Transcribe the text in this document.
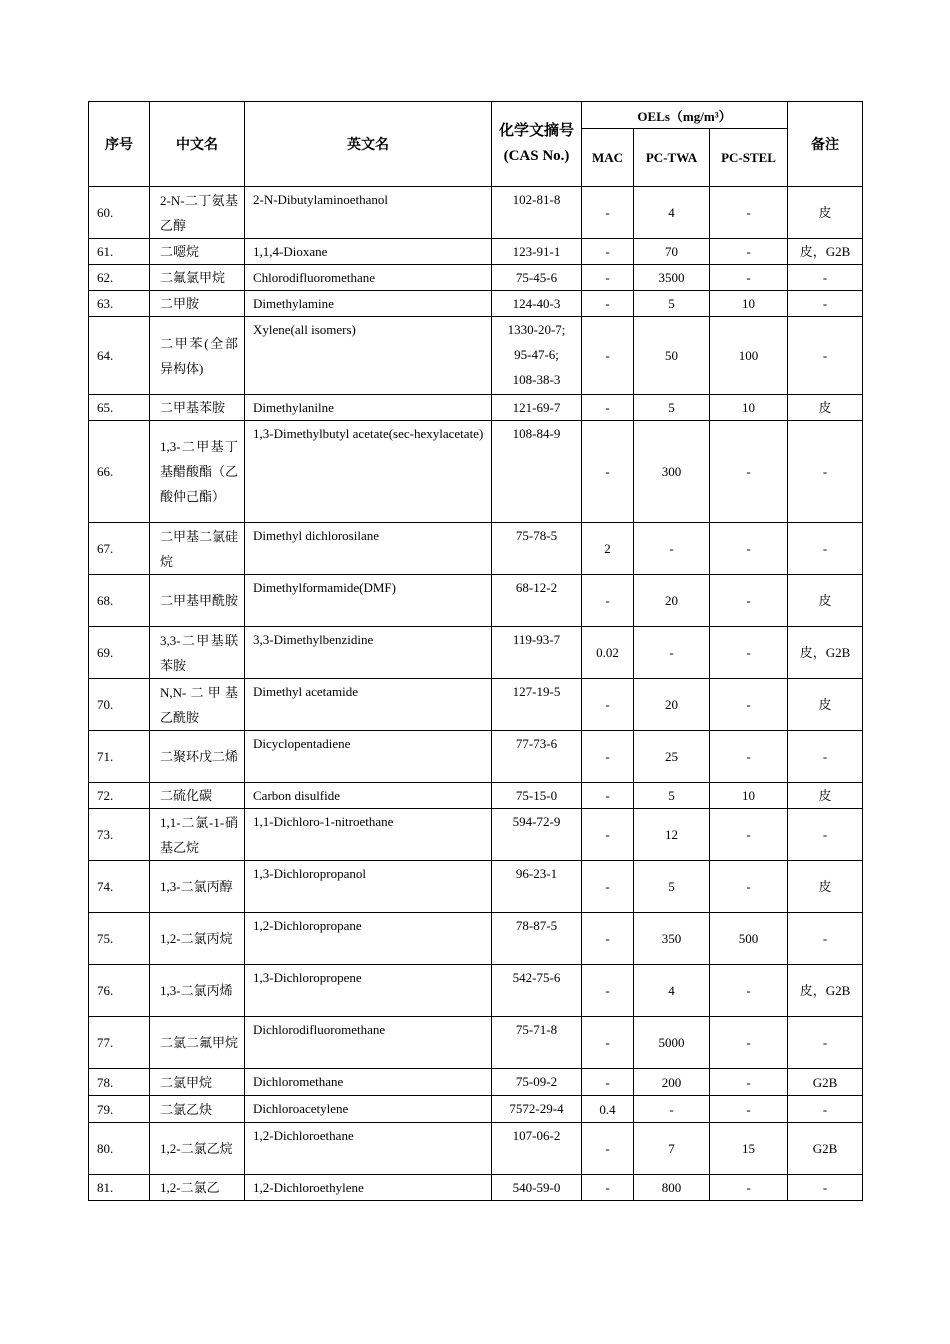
序号	中文名	英文名	化学文摘号(CAS No.)	OELs（mg/m³）			备注
				MAC	PC-TWA	PC-STEL	
60.	2-N-二丁氨基乙醇	2-N-Dibutylaminoethanol	102-81-8	-	4	-	皮
61.	二噁烷	1,1,4-Dioxane	123-91-1	-	70	-	皮，G2B
62.	二氟氯甲烷	Chlorodifluoromethane	75-45-6	-	3500	-	-
63.	二甲胺	Dimethylamine	124-40-3	-	5	10	-
64.	二甲苯(全部异构体)	Xylene(all isomers)	1330-20-7;
95-47-6;
108-38-3	-	50	100	-
65.	二甲基苯胺	Dimethylanilne	121-69-7	-	5	10	皮
66.	1,3-二甲基丁基醋酸酯（乙酸仲己酯）	1,3-Dimethylbutyl acetate(sec-hexylacetate)	108-84-9	-	300	-	-
67.	二甲基二氯硅烷	Dimethyl dichlorosilane	75-78-5	2	-	-	-
68.	二甲基甲酰胺	Dimethylformamide(DMF)	68-12-2	-	20	-	皮
69.	3,3-二甲基联苯胺	3,3-Dimethylbenzidine	119-93-7	0.02	-	-	皮，G2B
70.	N,N-二甲基乙酰胺	Dimethyl acetamide	127-19-5	-	20	-	皮
71.	二聚环戊二烯	Dicyclopentadiene	77-73-6	-	25	-	-
72.	二硫化碳	Carbon disulfide	75-15-0	-	5	10	皮
73.	1,1-二氯-1-硝基乙烷	1,1-Dichloro-1-nitroethane	594-72-9	-	12	-	-
74.	1,3-二氯丙醇	1,3-Dichloropropanol	96-23-1	-	5	-	皮
75.	1,2-二氯丙烷	1,2-Dichloropropane	78-87-5	-	350	500	-
76.	1,3-二氯丙烯	1,3-Dichloropropene	542-75-6	-	4	-	皮，G2B
77.	二氯二氟甲烷	Dichlorodifluoromethane	75-71-8	-	5000	-	-
78.	二氯甲烷	Dichloromethane	75-09-2	-	200	-	G2B
79.	二氯乙炔	Dichloroacetylene	7572-29-4	0.4	-	-	-
80.	1,2-二氯乙烷	1,2-Dichloroethane	107-06-2	-	7	15	G2B
81.	1,2-二氯乙	1,2-Dichloroethylene	540-59-0	-	800	-	-
